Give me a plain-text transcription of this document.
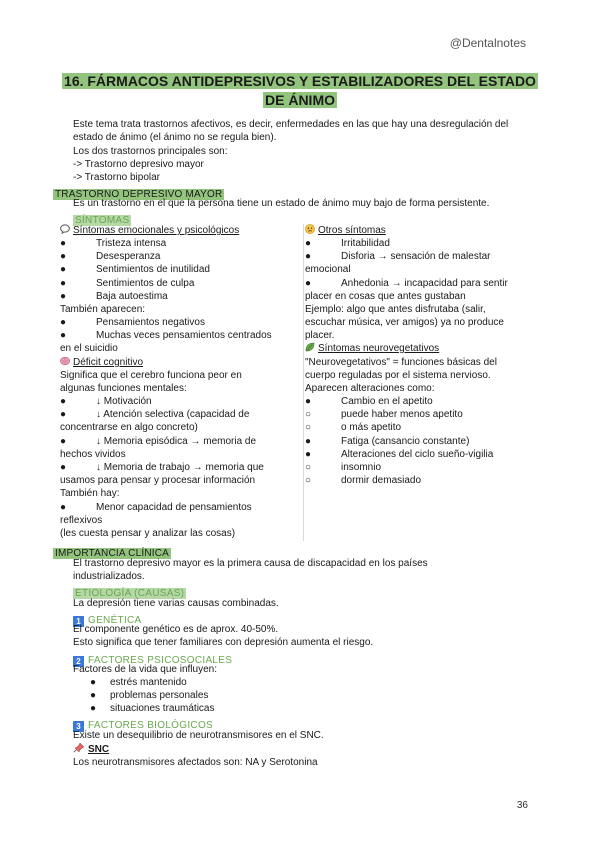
@Dentalnotes
16. FÁRMACOS ANTIDEPRESIVOS Y ESTABILIZADORES DEL ESTADO
DE ÁNIMO
Este tema trata trastornos afectivos, es decir, enfermedades en las que hay una desregulación del
estado de ánimo (el ánimo no se regula bien).
Los dos trastornos principales son:
-> Trastorno depresivo mayor
-> Trastorno bipolar
TRASTORNO DEPRESIVO MAYOR
Es un trastorno en el que la persona tiene un estado de ánimo muy bajo de forma persistente.
SÍNTOMAS
Síntomas emocionales y psicológicos
●	Tristeza intensa
●	Desesperanza
●	Sentimientos de inutilidad
●	Sentimientos de culpa
●	Baja autoestima
También aparecen:
●	Pensamientos negativos
●	Muchas veces pensamientos centrados
en el suicidio
Déficit cognitivo
Significa que el cerebro funciona peor en
algunas funciones mentales:
●	↓ Motivación
●	↓ Atención selectiva (capacidad de
concentrarse en algo concreto)
●	↓ Memoria episódica → memoria de
hechos vividos
●	↓ Memoria de trabajo → memoria que
usamos para pensar y procesar información
También hay:
●	Menor capacidad de pensamientos
reflexivos
(les cuesta pensar y analizar las cosas)
Otros síntomas
●	Irritabilidad
●	Disforia → sensación de malestar
emocional
●	Anhedonia → incapacidad para sentir
placer en cosas que antes gustaban
Ejemplo: algo que antes disfrutaba (salir,
escuchar música, ver amigos) ya no produce
placer.
Síntomas neurovegetativos
"Neurovegetativos" = funciones básicas del
cuerpo reguladas por el sistema nervioso.
Aparecen alteraciones como:
●	Cambio en el apetito
○	puede haber menos apetito
○	o más apetito
●	Fatiga (cansancio constante)
●	Alteraciones del ciclo sueño-vigilia
○	insomnio
○	dormir demasiado
IMPORTANCIA CLÍNICA
El trastorno depresivo mayor es la primera causa de discapacidad en los países
industrializados.
ETIOLOGÍA (CAUSAS)
La depresión tiene varias causas combinadas.
1 GENÉTICA
El componente genético es de aprox. 40-50%.
Esto significa que tener familiares con depresión aumenta el riesgo.
2 FACTORES PSICOSOCIALES
Factores de la vida que influyen:
● estrés mantenido
● problemas personales
● situaciones traumáticas
3 FACTORES BIOLÓGICOS
Existe un desequilibrio de neurotransmisores en el SNC.
SNC
Los neurotransmisores afectados son: NA y Serotonina
36
